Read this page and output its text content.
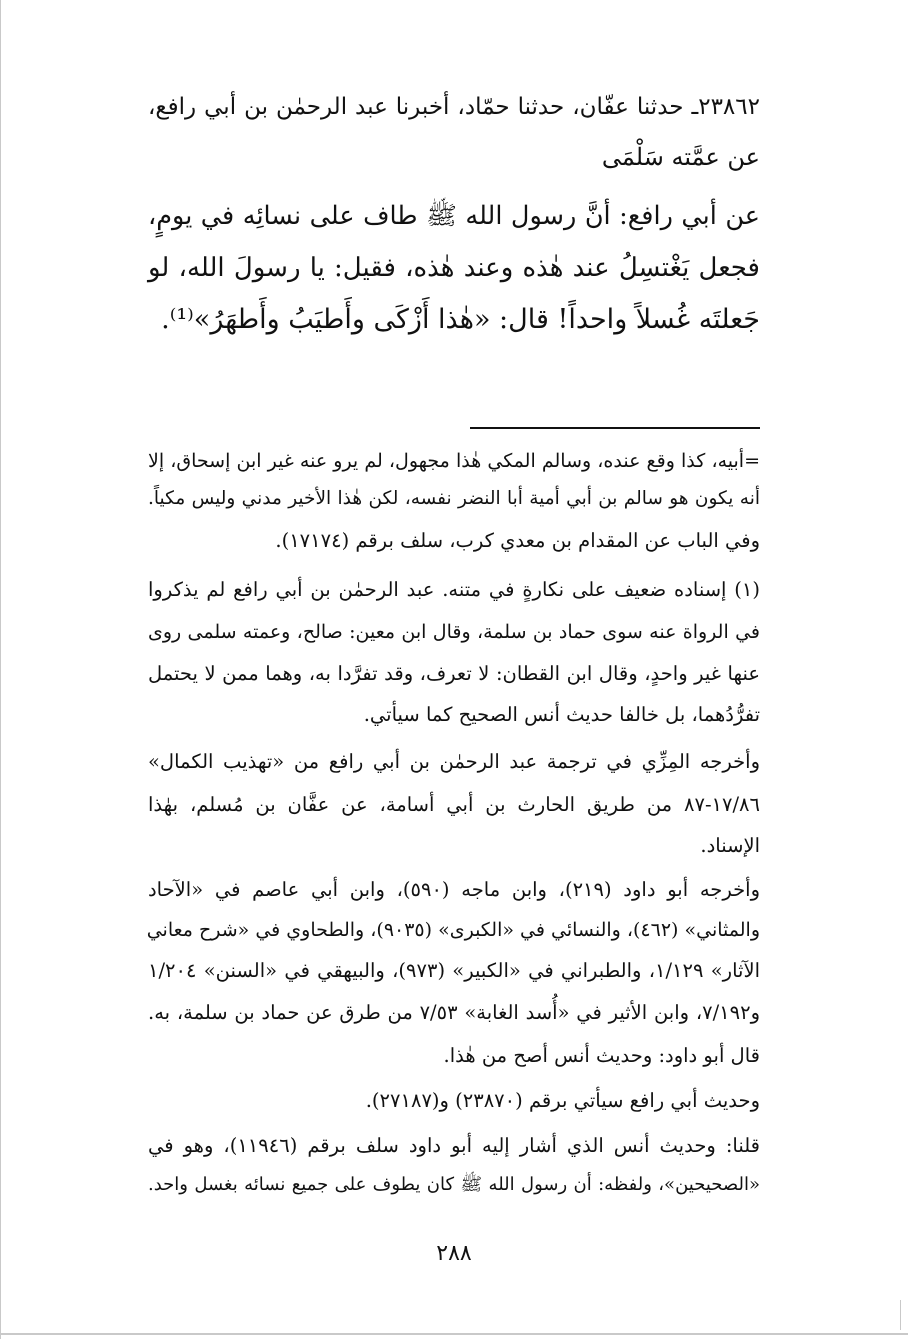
٢٣٨٦٢ـ حدثنا عفّان، حدثنا حمّاد، أخبرنا عبد الرحمٰن بن أبي رافع،
عن عمَّته سَلْمَى
عن أبي رافع: أنَّ رسول الله ﷺ طاف على نسائِه في يومٍ،
فجعل يَغْتسِلُ عند هٰذه وعند هٰذه، فقيل: يا رسولَ الله، لو
جَعلتَه غُسلاً واحداً! قال: «هٰذا أَزْكَى وأَطيَبُ وأَطهَرُ»⁽¹⁾.
=أبيه، كذا وقع عنده، وسالم المكي هٰذا مجهول، لم يرو عنه غير ابن إسحاق، إلا
أنه يكون هو سالم بن أبي أمية أبا النضر نفسه، لكن هٰذا الأخير مدني وليس مكياً.
وفي الباب عن المقدام بن معدي كرب، سلف برقم (١٧١٧٤).
(١) إسناده ضعيف على نكارةٍ في متنه. عبد الرحمٰن بن أبي رافع لم يذكروا
في الرواة عنه سوى حماد بن سلمة، وقال ابن معين: صالح، وعمته سلمى روى
عنها غير واحدٍ، وقال ابن القطان: لا تعرف، وقد تفرَّدا به، وهما ممن لا يحتمل
تفرُّدُهما، بل خالفا حديث أنس الصحيح كما سيأتي.
وأخرجه المِزِّي في ترجمة عبد الرحمٰن بن أبي رافع من «تهذيب الكمال»
١٧/٨٦-٨٧ من طريق الحارث بن أبي أسامة، عن عفَّان بن مُسلم، بهٰذا
الإسناد.
وأخرجه أبو داود (٢١٩)، وابن ماجه (٥٩٠)، وابن أبي عاصم في «الآحاد
والمثاني» (٤٦٢)، والنسائي في «الكبرى» (٩٠٣٥)، والطحاوي في «شرح معاني
الآثار» ١/١٢٩، والطبراني في «الكبير» (٩٧٣)، والبيهقي في «السنن» ١/٢٠٤
و٧/١٩٢، وابن الأثير في «أُسد الغابة» ٧/٥٣ من طرق عن حماد بن سلمة، به.
قال أبو داود: وحديث أنس أصح من هٰذا.
وحديث أبي رافع سيأتي برقم (٢٣٨٧٠) و(٢٧١٨٧).
قلنا: وحديث أنس الذي أشار إليه أبو داود سلف برقم (١١٩٤٦)، وهو في
«الصحيحين»، ولفظه: أن رسول الله ﷺ كان يطوف على جميع نسائه بغسل واحد.
٢٨٨
